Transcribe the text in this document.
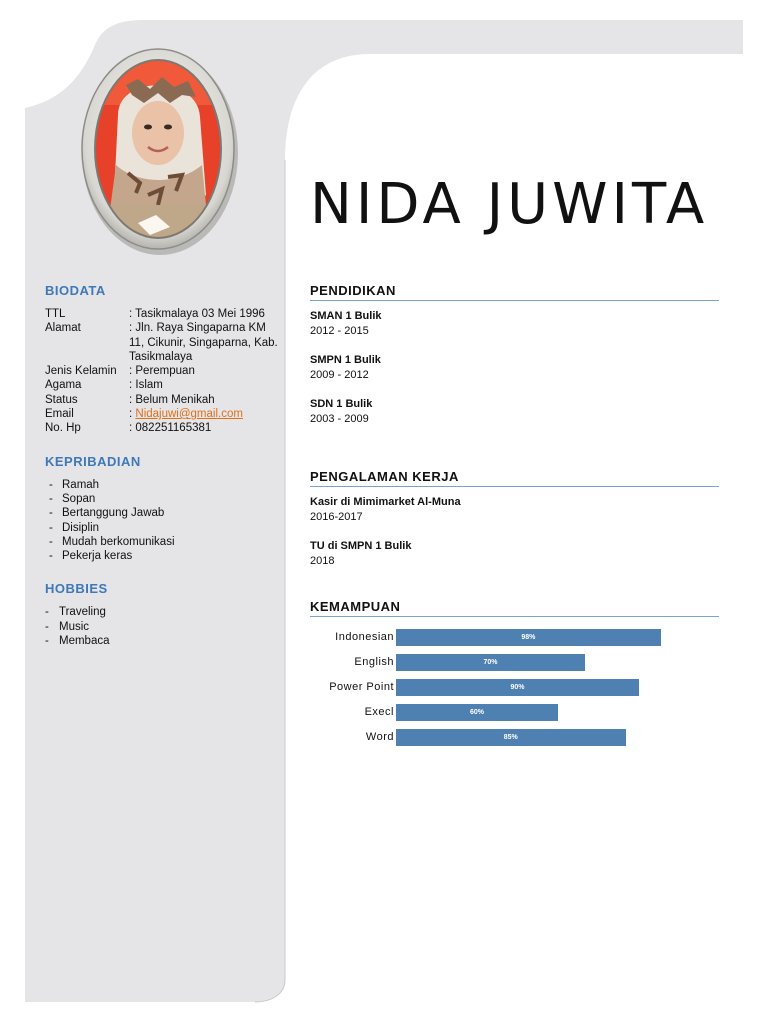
NIDA JUWITA
BIODATA
TTL	: Tasikmalaya 03 Mei 1996
Alamat	: Jln. Raya Singaparna KM 11, Cikunir, Singaparna, Kab. Tasikmalaya
Jenis Kelamin	: Perempuan
Agama	: Islam
Status	: Belum Menikah
Email	: Nidajuwi@gmail.com
No. Hp	: 082251165381
KEPRIBADIAN
- Ramah
- Sopan
- Bertanggung Jawab
- Disiplin
- Mudah berkomunikasi
- Pekerja keras
HOBBIES
- Traveling
- Music
- Membaca
PENDIDIKAN
SMAN 1 Bulik
2012 - 2015
SMPN 1 Bulik
2009 - 2012
SDN 1 Bulik
2003 - 2009
PENGALAMAN KERJA
Kasir di Mimimarket Al-Muna
2016-2017
TU di SMPN 1 Bulik
2018
KEMAMPUAN
Indonesian	98%
English	70%
Power Point	90%
Execl	60%
Word	85%
